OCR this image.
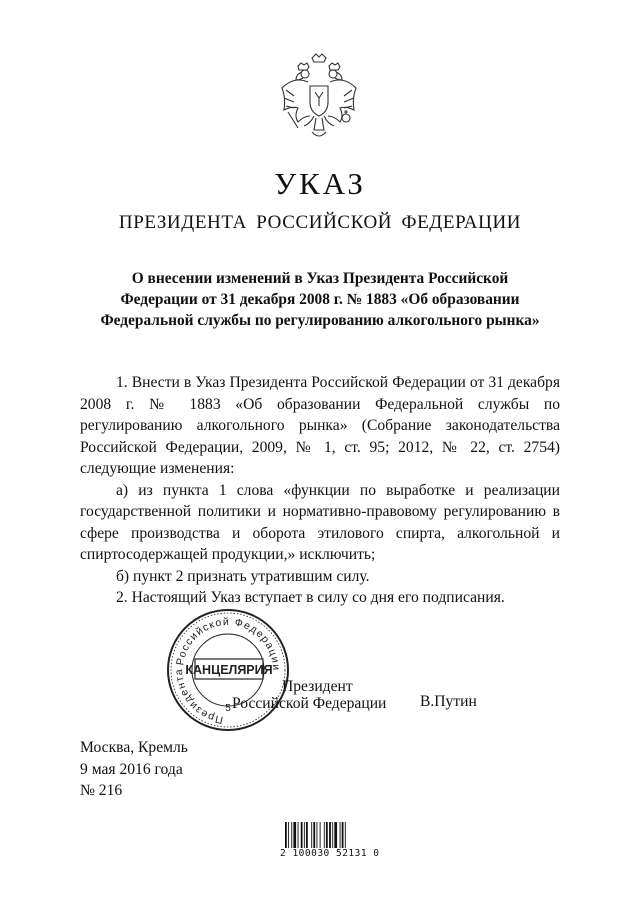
УКАЗ
ПРЕЗИДЕНТА РОССИЙСКОЙ ФЕДЕРАЦИИ
О внесении изменений в Указ Президента Российской Федерации от 31 декабря 2008 г. № 1883 «Об образовании Федеральной службы по регулированию алкогольного рынка»

1. Внести в Указ Президента Российской Федерации от 31 декабря 2008 г. № 1883 «Об образовании Федеральной службы по регулированию алкогольного рынка» (Собрание законодательства Российской Федерации, 2009, № 1, ст. 95; 2012, № 22, ст. 2754) следующие изменения:

а) из пункта 1 слова «функции по выработке и реализации государственной политики и нормативно-правовому регулированию в сфере производства и оборота этилового спирта, алкогольной и спиртосодержащей продукции,» исключить;

б) пункт 2 признать утратившим силу.

2. Настоящий Указ вступает в силу со дня его подписания.

Российской Федерации
Президента КАНЦЕЛЯРИЯ
5
Президент
Российской Федерации В.Путин
Москва, Кремль
9 мая 2016 года
№ 216
2 100030 52131 0
